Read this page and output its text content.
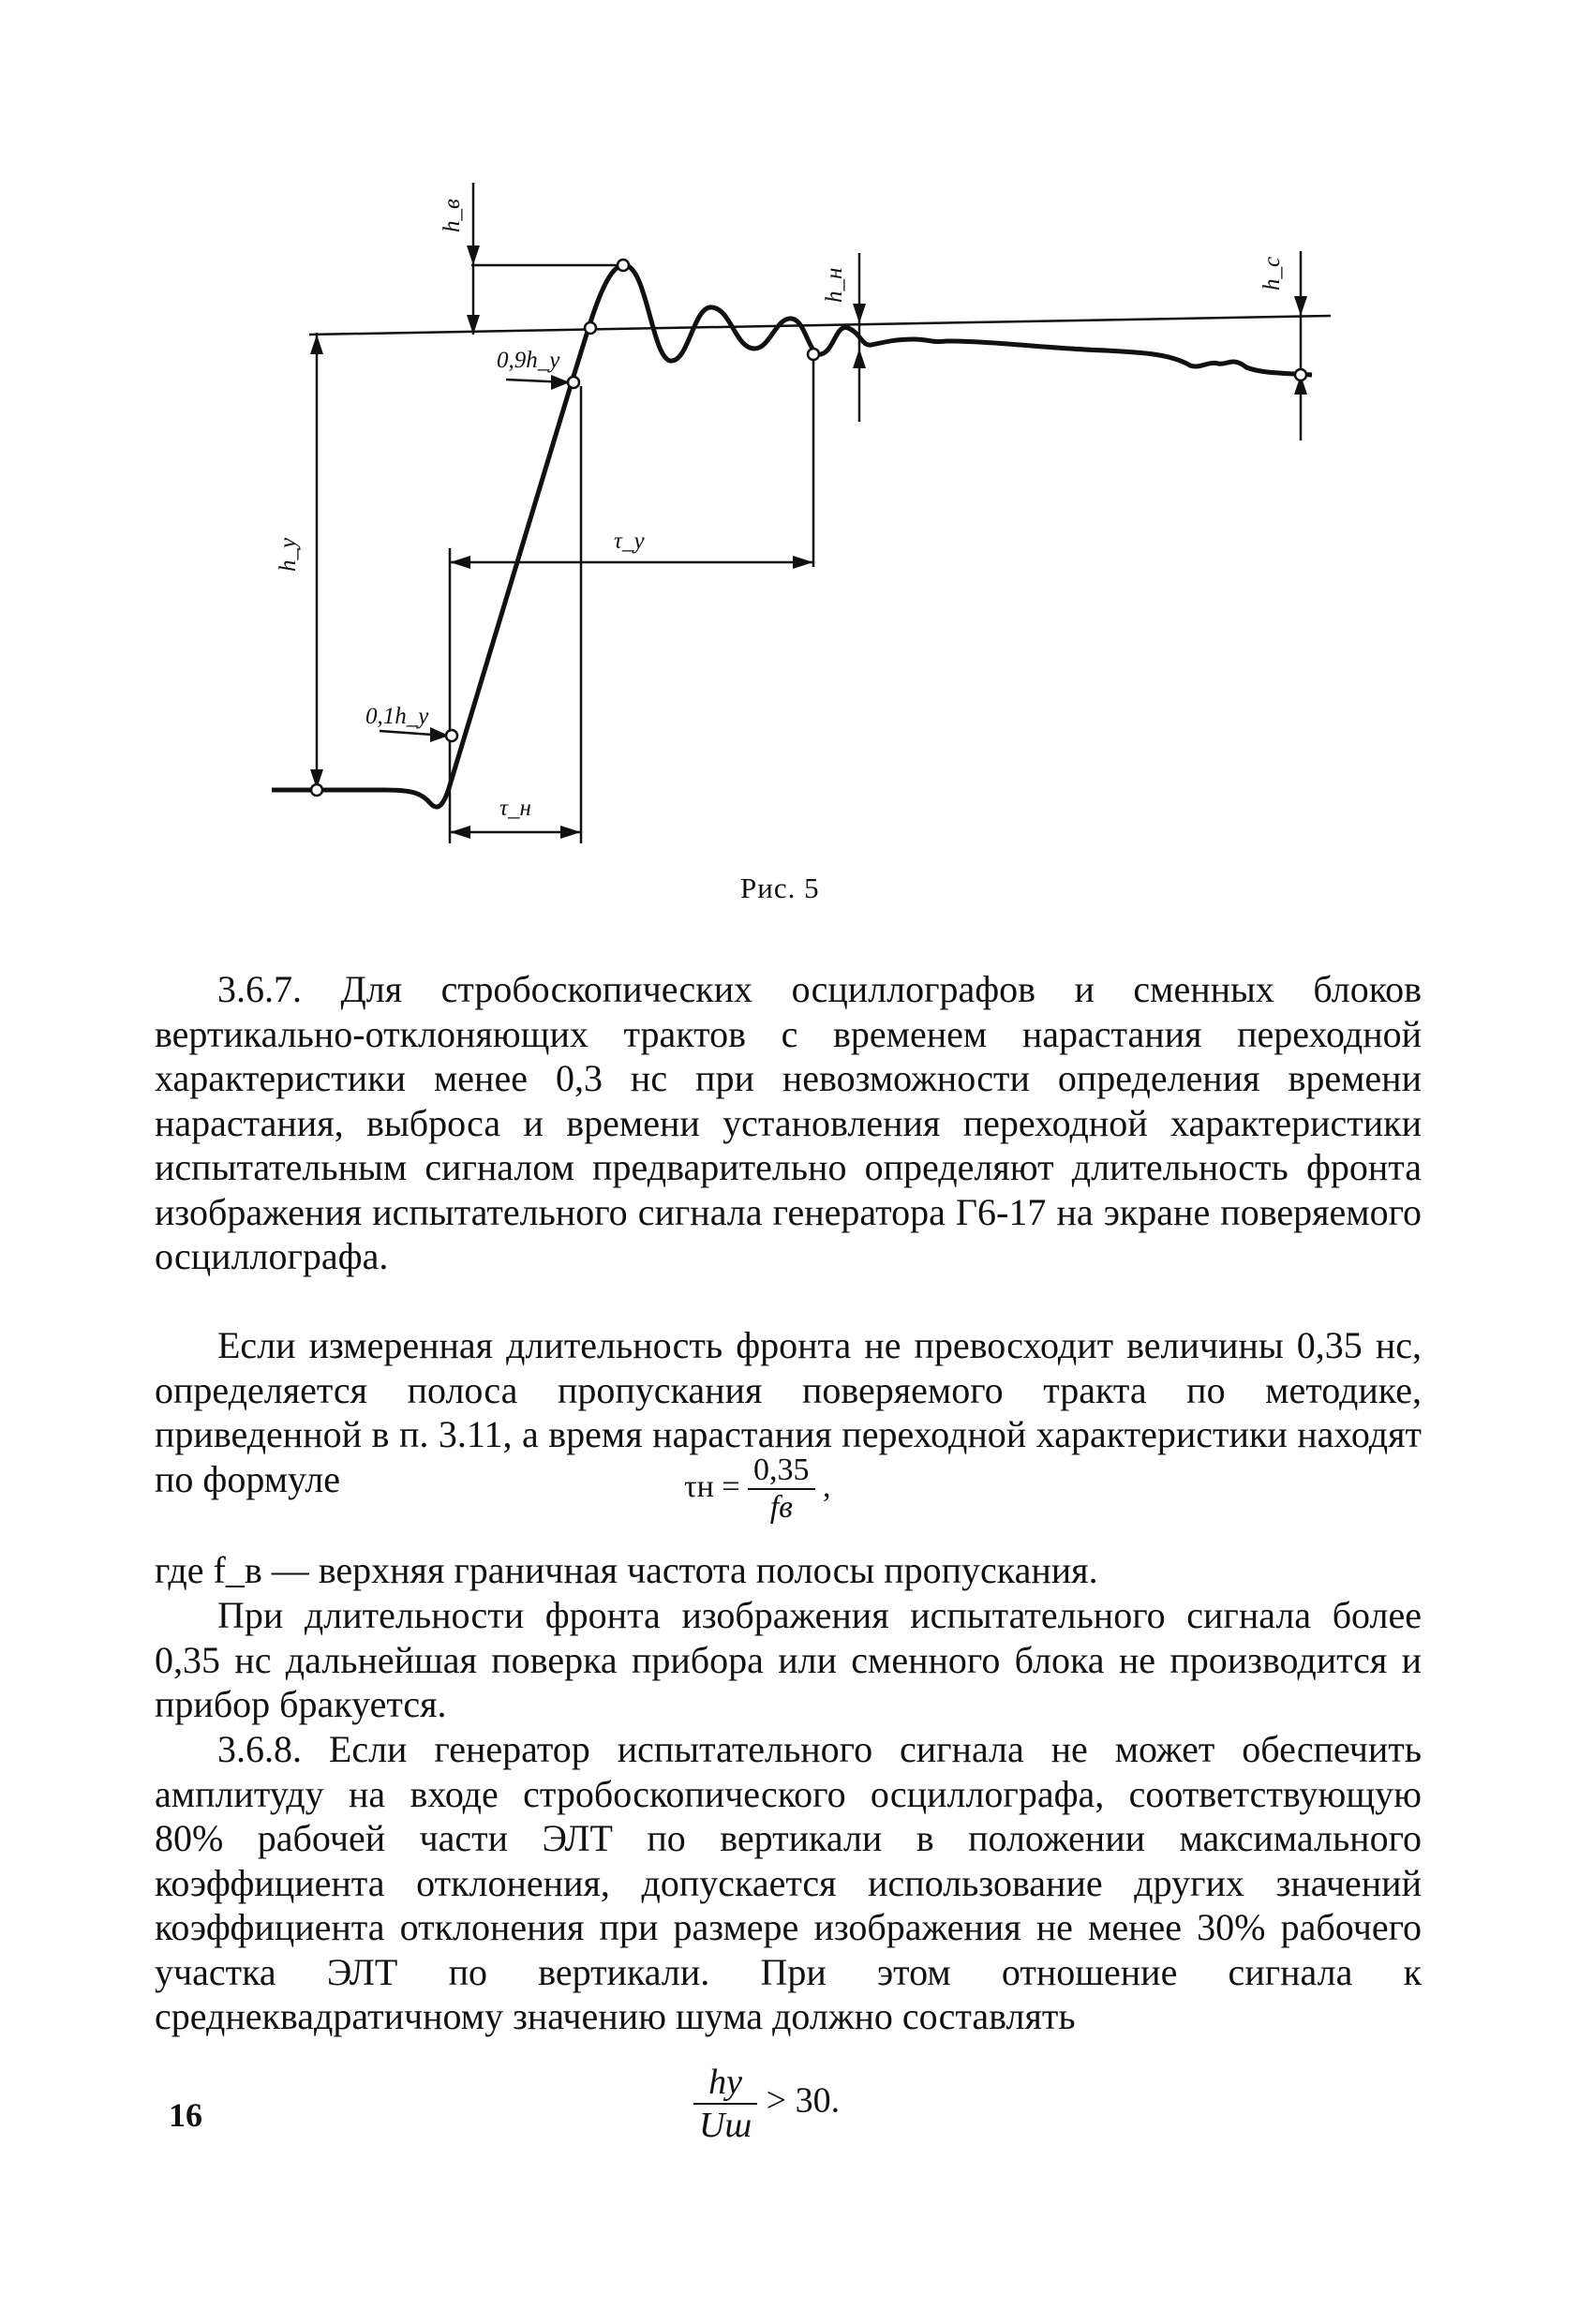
h_в
h_н	h_c
h_y
0,9h_y
0,1h_y
τ_y
τ_н
Рис. 5

3.6.7. Для стробоскопических осциллографов и сменных блоков вертикально-отклоняющих трактов с временем нарастания переходной характеристики менее 0,3 нс при невозможности определения времени нарастания, выброса и времени установления переходной характеристики испытательным сигналом предварительно определяют длительность фронта изображения испытательного сигнала генератора Г6-17 на экране поверяемого осциллографа.

Если измеренная длительность фронта не превосходит величины 0,35 нс, определяется полоса пропускания поверяемого тракта по методике, приведенной в п. 3.11, а время нарастания переходной характеристики находят по формуле	$\tau н = \frac{0,35}{fв}$ ,

где f_в — верхняя граничная частота полосы пропускания.

При длительности фронта изображения испытательного сигнала более 0,35 нс дальнейшая поверка прибора или сменного блока не производится и прибор бракуется.

3.6.8. Если генератор испытательного сигнала не может обеспечить амплитуду на входе стробоскопического осциллографа, соответствующую 80% рабочей части ЭЛТ по вертикали в положении максимального коэффициента отклонения, допускается использование других значений коэффициента отклонения при размере изображения не менее 30% рабочего участка ЭЛТ по вертикали. При этом отношение сигнала к среднеквадратичному значению шума должно составлять

$\frac{hу}{Uш} > 30$.
16
